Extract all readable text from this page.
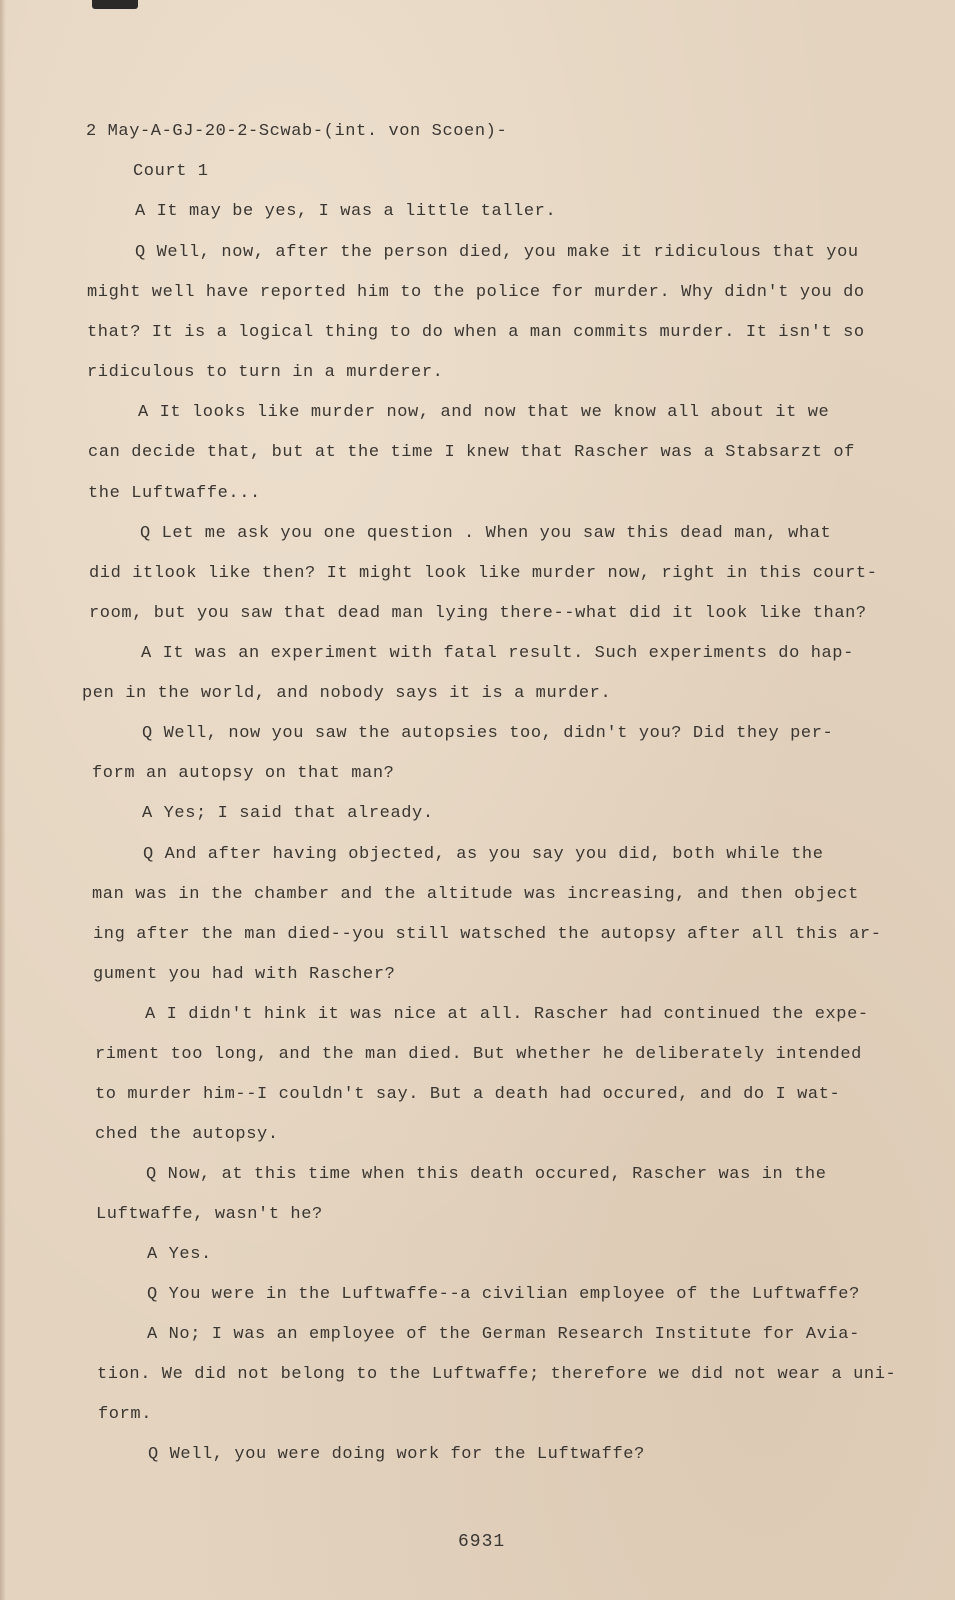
2 May-A-GJ-20-2-Scwab-(int. von Scoen)-
Court 1
A It may be yes, I was a little taller.
Q Well, now, after the person died, you make it ridiculous that you
might well have reported him to the police for murder. Why didn't you do
that? It is a logical thing to do when a man commits murder. It isn't so
ridiculous to turn in a murderer.
A It looks like murder now, and now that we know all about it we
can decide that, but at the time I knew that Rascher was a Stabsarzt of
the Luftwaffe...
Q Let me ask you one question . When you saw this dead man, what
did itlook like then? It might look like murder now, right in this court-
room, but you saw that dead man lying there--what did it look like than?
A It was an experiment with fatal result. Such experiments do hap-
pen in the world, and nobody says it is a murder.
Q Well, now you saw the autopsies too, didn't you? Did they per-
form an autopsy on that man?
A Yes; I said that already.
Q And after having objected, as you say you did, both while the
man was in the chamber and the altitude was increasing, and then object
ing after the man died--you still watsched the autopsy after all this ar-
gument you had with Rascher?
A I didn't hink it was nice at all. Rascher had continued the expe-
riment too long, and the man died. But whether he deliberately intended
to murder him--I couldn't say. But a death had occured, and do I wat-
ched the autopsy.
Q Now, at this time when this death occured, Rascher was in the
Luftwaffe, wasn't he?
A Yes.
Q You were in the Luftwaffe--a civilian employee of the Luftwaffe?
A No; I was an employee of the German Research Institute for Avia-
tion. We did not belong to the Luftwaffe; therefore we did not wear a uni-
form.
Q Well, you were doing work for the Luftwaffe?
6931
